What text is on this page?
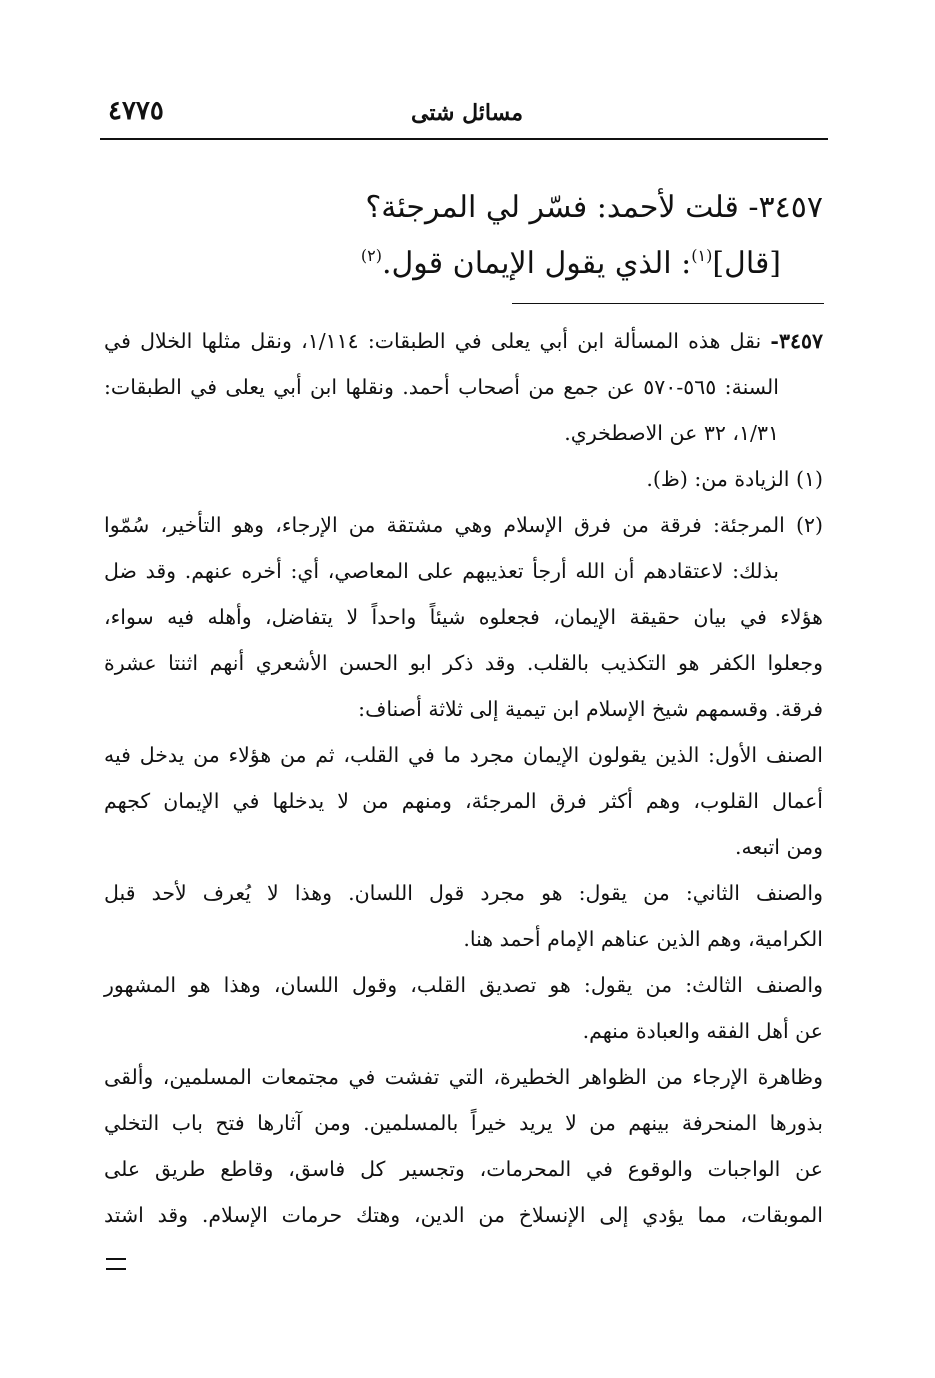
مسائل شتى
٤٧٧٥
٣٤٥٧- قلت لأحمد: فسّر لي المرجئة؟
[قال]$^{(١)}$: الذي يقول الإيمان قول.$^{(٢)}$

٣٤٥٧- نقل هذه المسألة ابن أبي يعلى في الطبقات: ١/١١٤، ونقل مثلها الخلال في

السنة: ٥٦٥-٥٧٠ عن جمع من أصحاب أحمد. ونقلها ابن أبي يعلى في الطبقات:

١/٣١، ٣٢ عن الاصطخري.

(١) الزيادة من: (ظ).

(٢) المرجئة: فرقة من فرق الإسلام وهي مشتقة من الإرجاء، وهو التأخير، سُمّوا

بذلك: لاعتقادهم أن الله أرجأ تعذيبهم على المعاصي، أي: أخره عنهم. وقد ضل

هؤلاء في بيان حقيقة الإيمان، فجعلوه شيئاً واحداً لا يتفاضل، وأهله فيه سواء،

وجعلوا الكفر هو التكذيب بالقلب. وقد ذكر ابو الحسن الأشعري أنهم اثنتا عشرة

فرقة. وقسمهم شيخ الإسلام ابن تيمية إلى ثلاثة أصناف:

الصنف الأول: الذين يقولون الإيمان مجرد ما في القلب، ثم من هؤلاء من يدخل فيه

أعمال القلوب، وهم أكثر فرق المرجئة، ومنهم من لا يدخلها في الإيمان كجهم

ومن اتبعه.

والصنف الثاني: من يقول: هو مجرد قول اللسان. وهذا لا يُعرف لأحد قبل

الكرامية، وهم الذين عناهم الإمام أحمد هنا.

والصنف الثالث: من يقول: هو تصديق القلب، وقول اللسان، وهذا هو المشهور

عن أهل الفقه والعبادة منهم.

وظاهرة الإرجاء من الظواهر الخطيرة، التي تفشت في مجتمعات المسلمين، وألقى

بذورها المنحرفة بينهم من لا يريد خيراً بالمسلمين. ومن آثارها فتح باب التخلي

عن الواجبات والوقوع في المحرمات، وتجسير كل فاسق، وقاطع طريق على

الموبقات، مما يؤدي إلى الإنسلاخ من الدين، وهتك حرمات الإسلام. وقد اشتد
